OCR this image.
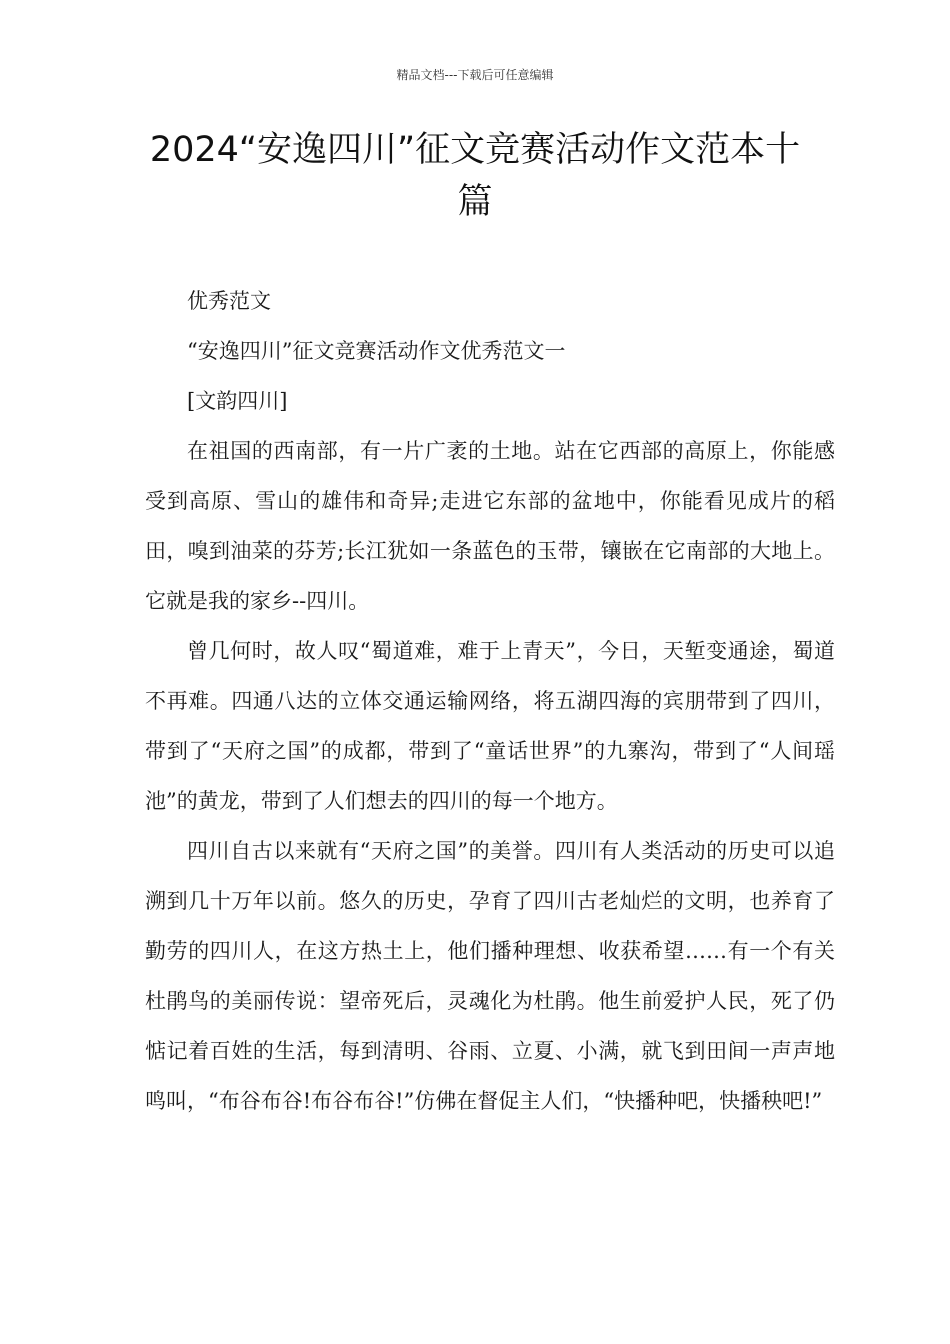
精品文档---下载后可任意编辑
2024“安逸四川”征文竞赛活动作文范本十篇

优秀范文

“安逸四川”征文竞赛活动作文优秀范文一

[文韵四川]

在祖国的西南部，有一片广袤的土地。站在它西部的高原上，你能感受到高原、雪山的雄伟和奇异;走进它东部的盆地中，你能看见成片的稻田，嗅到油菜的芬芳;长江犹如一条蓝色的玉带，镶嵌在它南部的大地上。它就是我的家乡--四川。

曾几何时，故人叹“蜀道难，难于上青天”，今日，天堑变通途，蜀道不再难。四通八达的立体交通运输网络，将五湖四海的宾朋带到了四川，带到了“天府之国”的成都，带到了“童话世界”的九寨沟，带到了“人间瑶池”的黄龙，带到了人们想去的四川的每一个地方。

四川自古以来就有“天府之国”的美誉。四川有人类活动的历史可以追溯到几十万年以前。悠久的历史，孕育了四川古老灿烂的文明，也养育了勤劳的四川人，在这方热土上，他们播种理想、收获希望……有一个有关杜鹃鸟的美丽传说：望帝死后，灵魂化为杜鹃。他生前爱护人民，死了仍惦记着百姓的生活，每到清明、谷雨、立夏、小满，就飞到田间一声声地鸣叫，“布谷布谷!布谷布谷!”仿佛在督促主人们，“快播种吧，快播秧吧!”
